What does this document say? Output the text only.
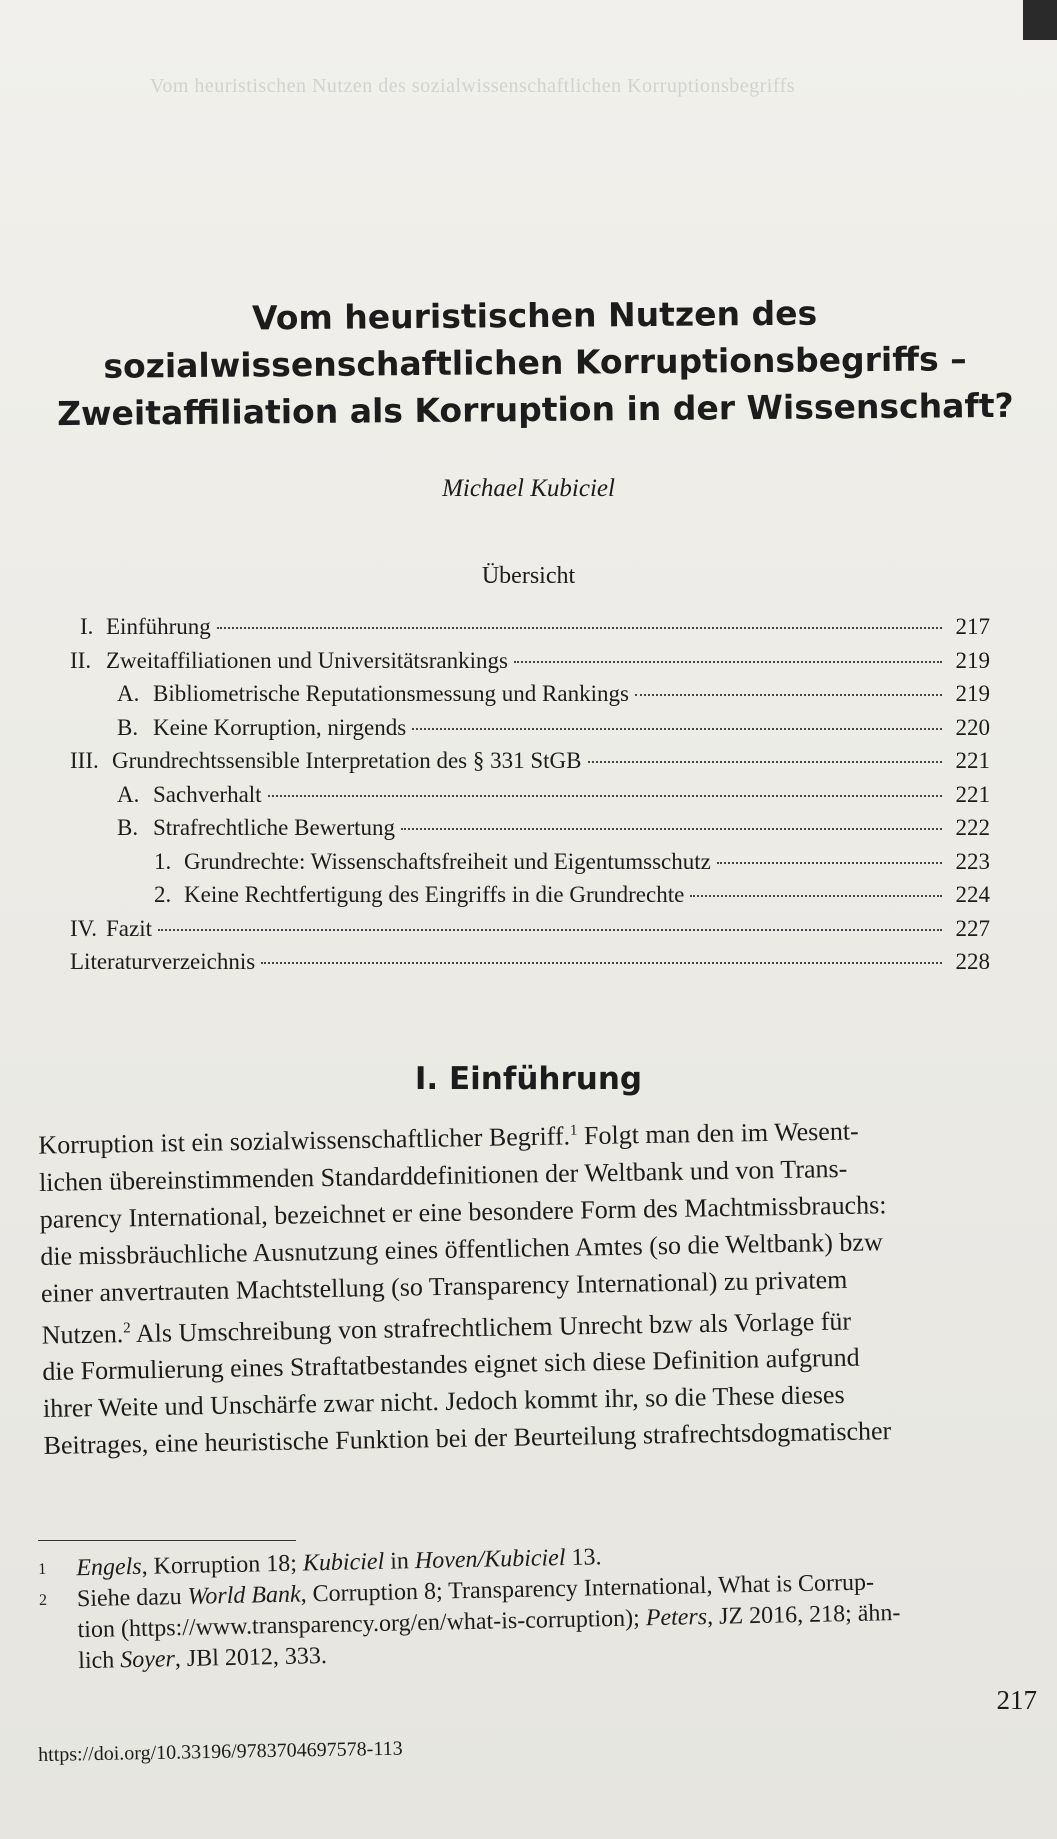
Vom heuristischen Nutzen des sozialwissenschaftlichen Korruptionsbegriffs
Vom heuristischen Nutzen des
sozialwissenschaftlichen Korruptionsbegriffs –
Zweitaffiliation als Korruption in der Wissenschaft?
Michael Kubiciel
Übersicht
I. Einführung	217
II. Zweitaffiliationen und Universitätsrankings	219
A. Bibliometrische Reputationsmessung und Rankings	219
B. Keine Korruption, nirgends	220
III. Grundrechtssensible Interpretation des § 331 StGB	221
A. Sachverhalt	221
B. Strafrechtliche Bewertung	222
1. Grundrechte: Wissenschaftsfreiheit und Eigentumsschutz	223
2. Keine Rechtfertigung des Eingriffs in die Grundrechte	224
IV. Fazit	227
Literaturverzeichnis	228
I. Einführung
Korruption ist ein sozialwissenschaftlicher Begriff.$^1$ Folgt man den im Wesent-
lichen übereinstimmenden Standarddefinitionen der Weltbank und von Trans-
parency International, bezeichnet er eine besondere Form des Machtmissbrauchs:
die missbräuchliche Ausnutzung eines öffentlichen Amtes (so die Weltbank) bzw
einer anvertrauten Machtstellung (so Transparency International) zu privatem
Nutzen.$^2$ Als Umschreibung von strafrechtlichem Unrecht bzw als Vorlage für
die Formulierung eines Straftatbestandes eignet sich diese Definition aufgrund
ihrer Weite und Unschärfe zwar nicht. Jedoch kommt ihr, so die These dieses
Beitrages, eine heuristische Funktion bei der Beurteilung strafrechtsdogmatischer
1 Engels, Korruption 18; Kubiciel in Hoven/Kubiciel 13.
2 Siehe dazu World Bank, Corruption 8; Transparency International, What is Corrup-
tion (https://www.transparency.org/en/what-is-corruption); Peters, JZ 2016, 218; ähn-
lich Soyer, JBl 2012, 333.
217
https://doi.org/10.33196/9783704697578-113
